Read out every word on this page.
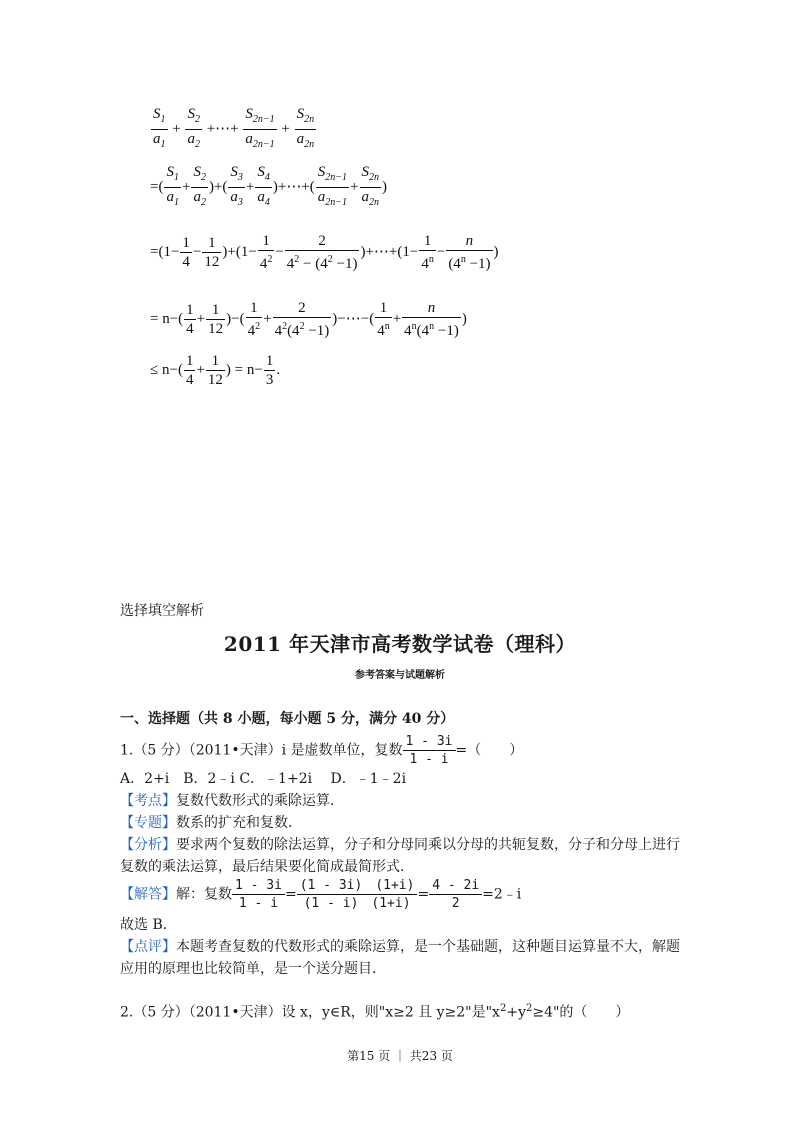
$\frac{S_1}{a_1} + \frac{S_2}{a_2}$ +⋯+ $\frac{S_{2n-1}}{a_{2n-1}} + \frac{S_{2n}}{a_{2n}}$
=( $\frac{S_1}{a_1} + \frac{S_2}{a_2}$ )+( $\frac{S_3}{a_3} + \frac{S_4}{a_4}$ )+⋯+( $\frac{S_{2n-1}}{a_{2n-1}} + \frac{S_{2n}}{a_{2n}}$ )
$=(1- \frac{1}{4} - \frac{1}{12} )+(1- \frac{1}{4^2} - \frac{2}{4^2 - (4^2 -1)}$ )+⋯+(1− $\frac{1}{4^n} - \frac{n}{(4^n -1)}$ )
= $n-( \frac{1}{4} + \frac{1}{12}$ )−( $\frac{1}{4^2} + \frac{2}{4^2(4^2 -1)}$ )−⋯−( $\frac{1}{4^n} + \frac{n}{4^n(4^n -1)}$ )
≤ $n-( \frac{1}{4} + \frac{1}{12}$ ) = $n- \frac{1}{3}$ .
选择填空解析
2011 年天津市高考数学试卷（理科）
参考答案与试题解析
一、选择题（共 8 小题，每小题 5 分，满分 40 分）
1.（5 分）（2011•天津）i 是虚数单位，复数 $\frac{1 - 3i}{1 - i}$ =（　　）
A．2+i　B．2﹣i C．﹣1+2i　 D．﹣1﹣2i
【考点】复数代数形式的乘除运算．
【专题】数系的扩充和复数．
【分析】要求两个复数的除法运算，分子和分母同乘以分母的共轭复数，分子和分母上进行
复数的乘法运算，最后结果要化简成最简形式．
【解答】解：复数 $\frac{1 - 3i}{1 - i} = \frac{(1 - 3i) (1+i)}{(1 - i) (1+i)} = \frac{4 - 2i}{2}$ =2﹣i
故选 B．
【点评】本题考查复数的代数形式的乘除运算，是一个基础题，这种题目运算量不大，解题
应用的原理也比较简单，是一个送分题目．
2.（5 分）（2011•天津）设 x，y∈R，则"x≥2 且 y≥2"是"$x^2+y^2\ge 4$"的（　　）
第15 页 ｜ 共23 页
